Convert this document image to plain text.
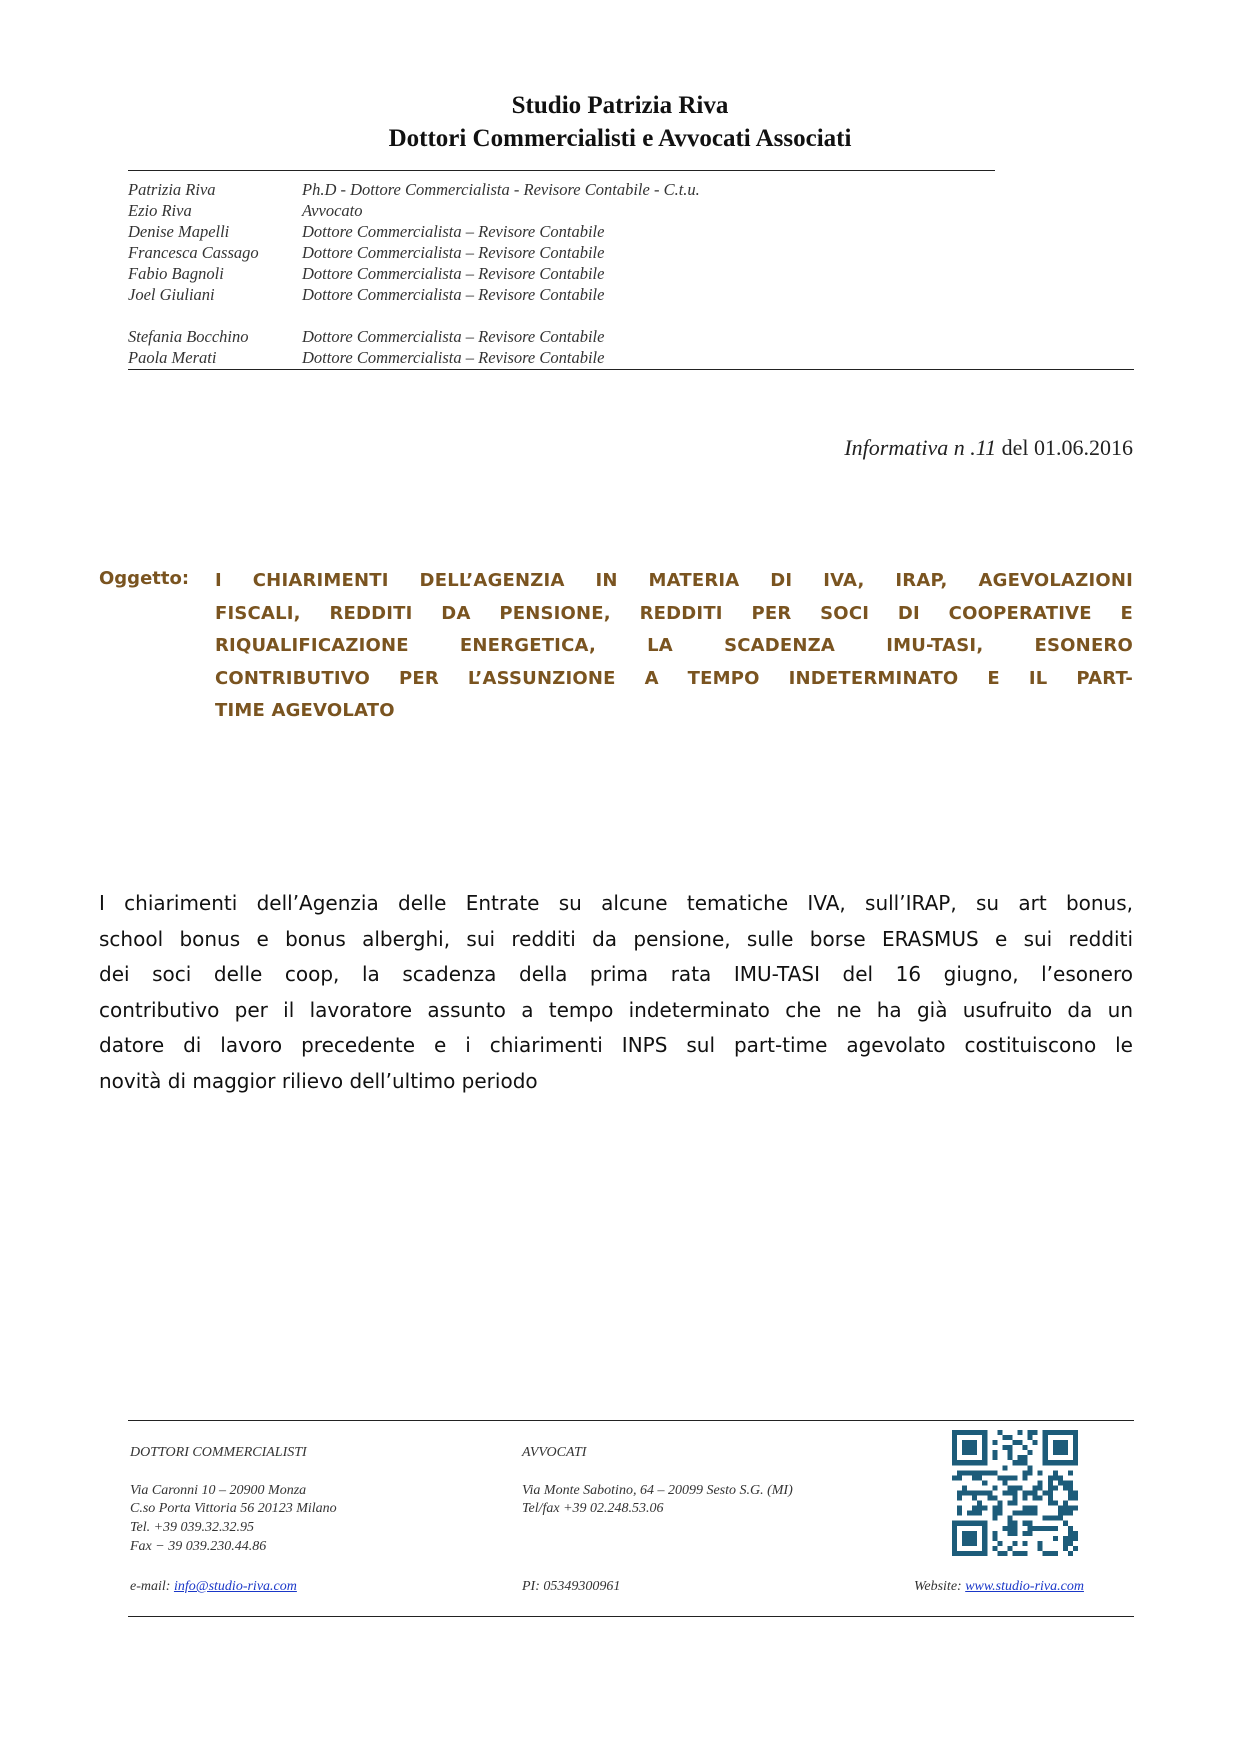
Studio Patrizia Riva
Dottori Commercialisti e Avvocati Associati
Patrizia Riva	Ph.D - Dottore Commercialista - Revisore Contabile - C.t.u.
Ezio Riva	Avvocato
Denise Mapelli	Dottore Commercialista – Revisore Contabile
Francesca Cassago	Dottore Commercialista – Revisore Contabile
Fabio Bagnoli	Dottore Commercialista – Revisore Contabile
Joel Giuliani	Dottore Commercialista – Revisore Contabile
Stefania Bocchino	Dottore Commercialista – Revisore Contabile
Paola Merati	Dottore Commercialista – Revisore Contabile
Informativa n .11 del 01.06.2016
Oggetto: I CHIARIMENTI DELL’AGENZIA IN MATERIA DI IVA, IRAP, AGEVOLAZIONI
FISCALI, REDDITI DA PENSIONE, REDDITI PER SOCI DI COOPERATIVE E
RIQUALIFICAZIONE ENERGETICA, LA SCADENZA IMU-TASI, ESONERO
CONTRIBUTIVO PER L’ASSUNZIONE A TEMPO INDETERMINATO E IL PART-
TIME AGEVOLATO
I chiarimenti dell’Agenzia delle Entrate su alcune tematiche IVA, sull’IRAP, su art bonus,
school bonus e bonus alberghi, sui redditi da pensione, sulle borse ERASMUS e sui redditi
dei soci delle coop, la scadenza della prima rata IMU-TASI del 16 giugno, l’esonero
contributivo per il lavoratore assunto a tempo indeterminato che ne ha già usufruito da un
datore di lavoro precedente e i chiarimenti INPS sul part-time agevolato costituiscono le
novità di maggior rilievo dell’ultimo periodo
DOTTORI COMMERCIALISTI
Via Caronni 10 – 20900 Monza
C.so Porta Vittoria 56 20123 Milano
Tel. +39 039.32.32.95
Fax − 39 039.230.44.86
e-mail: info@studio-riva.com
AVVOCATI
Via Monte Sabotino, 64 – 20099 Sesto S.G. (MI)
Tel/fax +39 02.248.53.06
PI: 05349300961	Website: www.studio-riva.com
